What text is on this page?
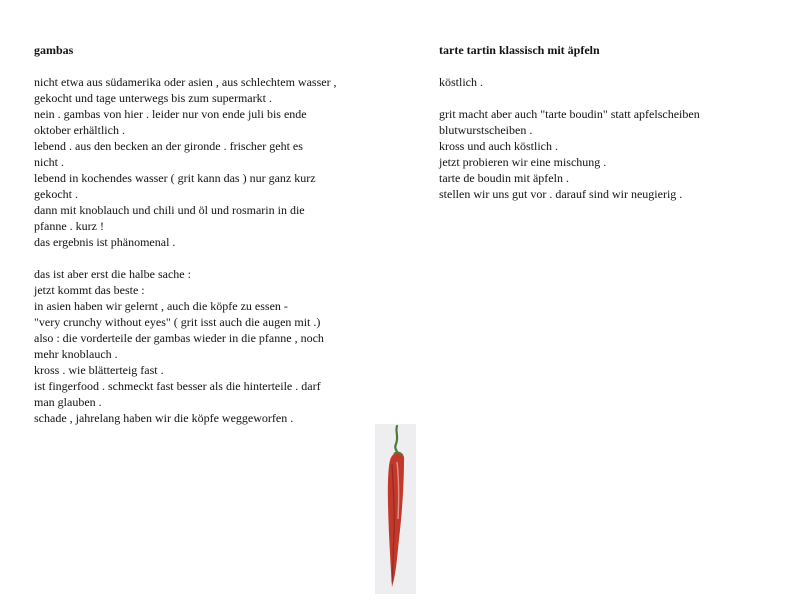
gambas

nicht etwa aus südamerika oder asien , aus schlechtem wasser ,
gekocht und tage unterwegs bis zum supermarkt .
nein . gambas von hier . leider nur von ende juli bis ende
oktober erhältlich .
lebend . aus den becken an der gironde . frischer geht es
nicht .
lebend in kochendes wasser ( grit kann das ) nur ganz kurz
gekocht .
dann mit knoblauch und chili und öl und rosmarin in die
pfanne . kurz !
das ergebnis ist phänomenal .

das ist aber erst die halbe sache :
jetzt kommt das beste :
in asien haben wir gelernt , auch die köpfe zu essen -
"very crunchy without eyes" ( grit isst auch die augen mit .)
also : die vorderteile der gambas wieder in die pfanne , noch
mehr knoblauch .
kross . wie blätterteig fast .
ist fingerfood . schmeckt fast besser als die hinterteile . darf
man glauben .
schade , jahrelang haben wir die köpfe weggeworfen .

tarte tartin klassisch mit äpfeln

köstlich .

grit macht aber auch "tarte boudin" statt apfelscheiben
blutwurstscheiben .
kross und auch köstlich .
jetzt probieren wir eine mischung .
tarte de boudin mit äpfeln .
stellen wir uns gut vor . darauf sind wir neugierig .
